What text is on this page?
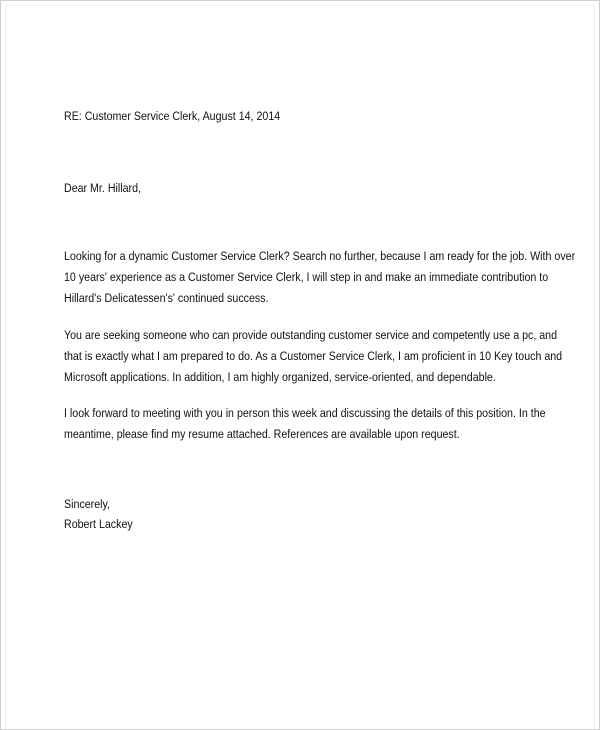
RE: Customer Service Clerk, August 14, 2014
Dear Mr. Hillard,
Looking for a dynamic Customer Service Clerk? Search no further, because I am ready for the job. With over
10 years' experience as a Customer Service Clerk, I will step in and make an immediate contribution to
Hillard's Delicatessen's' continued success.
You are seeking someone who can provide outstanding customer service and competently use a pc, and
that is exactly what I am prepared to do. As a Customer Service Clerk, I am proficient in 10 Key touch and
Microsoft applications. In addition, I am highly organized, service-oriented, and dependable.
I look forward to meeting with you in person this week and discussing the details of this position. In the
meantime, please find my resume attached. References are available upon request.
Sincerely,
Robert Lackey
